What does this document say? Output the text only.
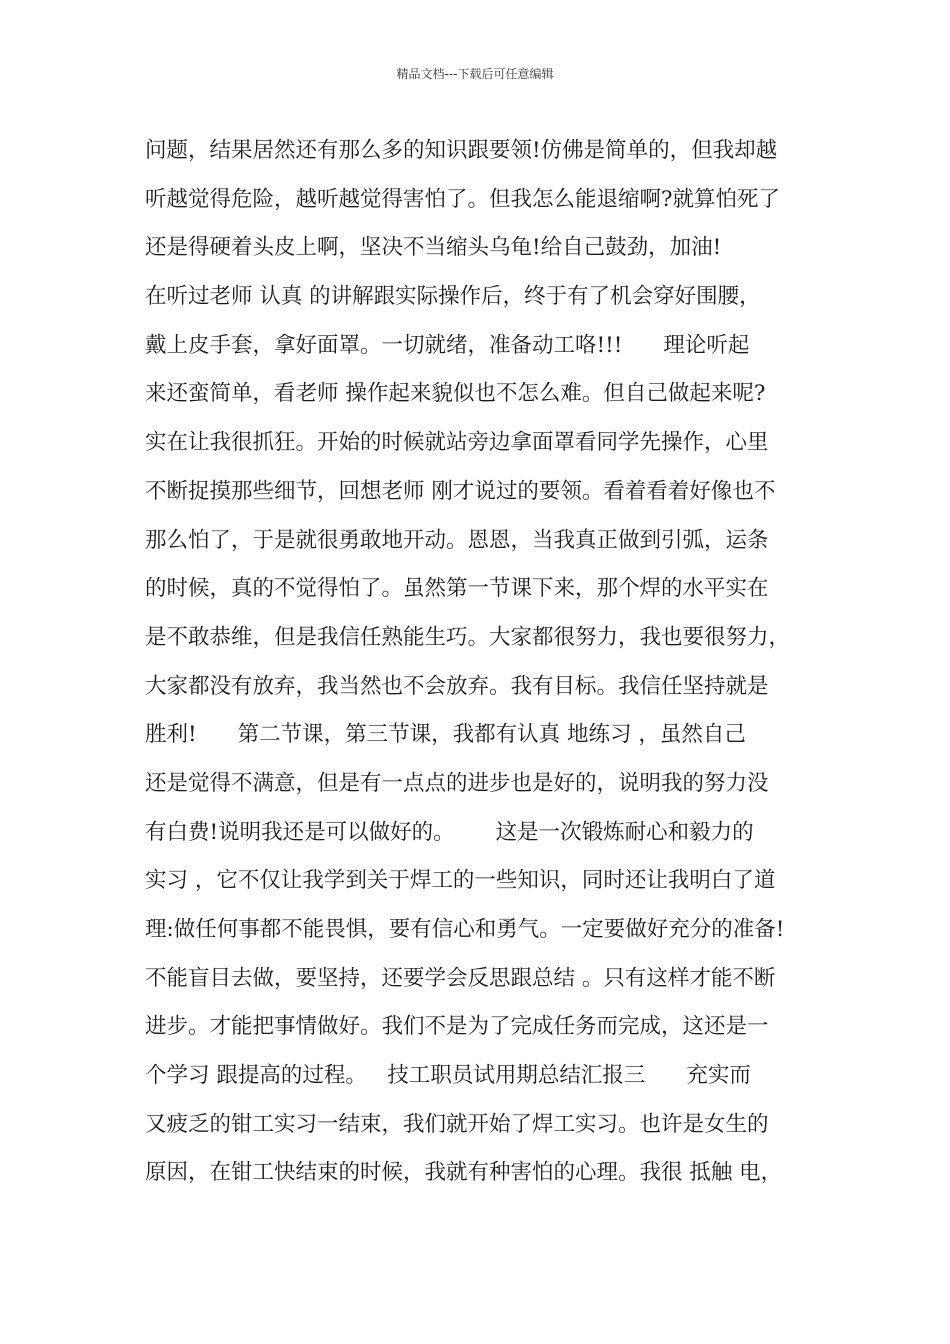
精品文档---下载后可任意编辑
问题，结果居然还有那么多的知识跟要领!仿佛是简单的，但我却越
听越觉得危险，越听越觉得害怕了。但我怎么能退缩啊?就算怕死了
还是得硬着头皮上啊，坚决不当缩头乌龟!给自己鼓劲，加油!
在听过老师 认真 的讲解跟实际操作后，终于有了机会穿好围腰，
戴上皮手套，拿好面罩。一切就绪，准备动工咯!!!      理论听起
来还蛮简单，看老师 操作起来貌似也不怎么难。但自己做起来呢?
实在让我很抓狂。开始的时候就站旁边拿面罩看同学先操作，心里
不断捉摸那些细节，回想老师 刚才说过的要领。看着看着好像也不
那么怕了，于是就很勇敢地开动。恩恩，当我真正做到引弧，运条
的时候，真的不觉得怕了。虽然第一节课下来，那个焊的水平实在
是不敢恭维，但是我信任熟能生巧。大家都很努力，我也要很努力，
大家都没有放弃，我当然也不会放弃。我有目标。我信任坚持就是
胜利!      第二节课，第三节课，我都有认真 地练习 ，虽然自己
还是觉得不满意，但是有一点点的进步也是好的，说明我的努力没
有白费!说明我还是可以做好的。      这是一次锻炼耐心和毅力的
实习 ，它不仅让我学到关于焊工的一些知识，同时还让我明白了道
理:做任何事都不能畏惧，要有信心和勇气。一定要做好充分的准备!
不能盲目去做，要坚持，还要学会反思跟总结 。只有这样才能不断
进步。才能把事情做好。我们不是为了完成任务而完成，这还是一
个学习 跟提高的过程。   技工职员试用期总结汇报三      充实而
又疲乏的钳工实习一结束，我们就开始了焊工实习。也许是女生的
原因，在钳工快结束的时候，我就有种害怕的心理。我很 抵触 电，
